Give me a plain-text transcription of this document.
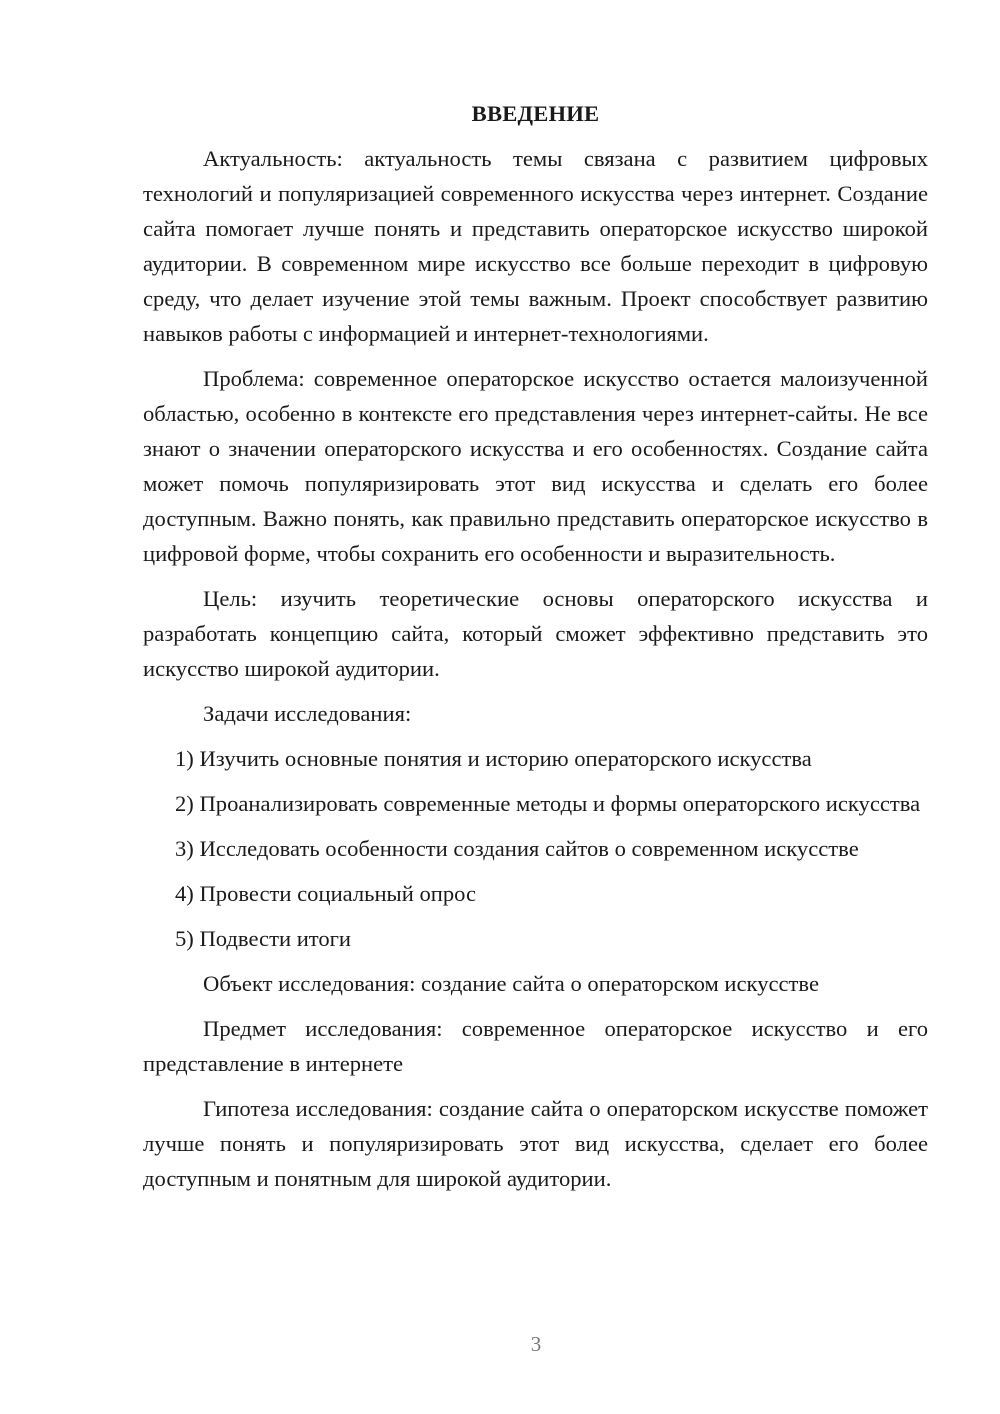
ВВЕДЕНИЕ

Актуальность: актуальность темы связана с развитием цифровых технологий и популяризацией современного искусства через интернет. Создание сайта помогает лучше понять и представить операторское искусство широкой аудитории. В современном мире искусство все больше переходит в цифровую среду, что делает изучение этой темы важным. Проект способствует развитию навыков работы с информацией и интернет-технологиями.

Проблема: современное операторское искусство остается малоизученной областью, особенно в контексте его представления через интернет-сайты. Не все знают о значении операторского искусства и его особенностях. Создание сайта может помочь популяризировать этот вид искусства и сделать его более доступным. Важно понять, как правильно представить операторское искусство в цифровой форме, чтобы сохранить его особенности и выразительность.

Цель: изучить теоретические основы операторского искусства и разработать концепцию сайта, который сможет эффективно представить это искусство широкой аудитории.

Задачи исследования:

1) Изучить основные понятия и историю операторского искусства

2) Проанализировать современные методы и формы операторского искусства

3) Исследовать особенности создания сайтов о современном искусстве

4) Провести социальный опрос

5) Подвести итоги

Объект исследования: создание сайта о операторском искусстве

Предмет исследования: современное операторское искусство и его представление в интернете

Гипотеза исследования: создание сайта о операторском искусстве поможет лучше понять и популяризировать этот вид искусства, сделает его более доступным и понятным для широкой аудитории.

3
